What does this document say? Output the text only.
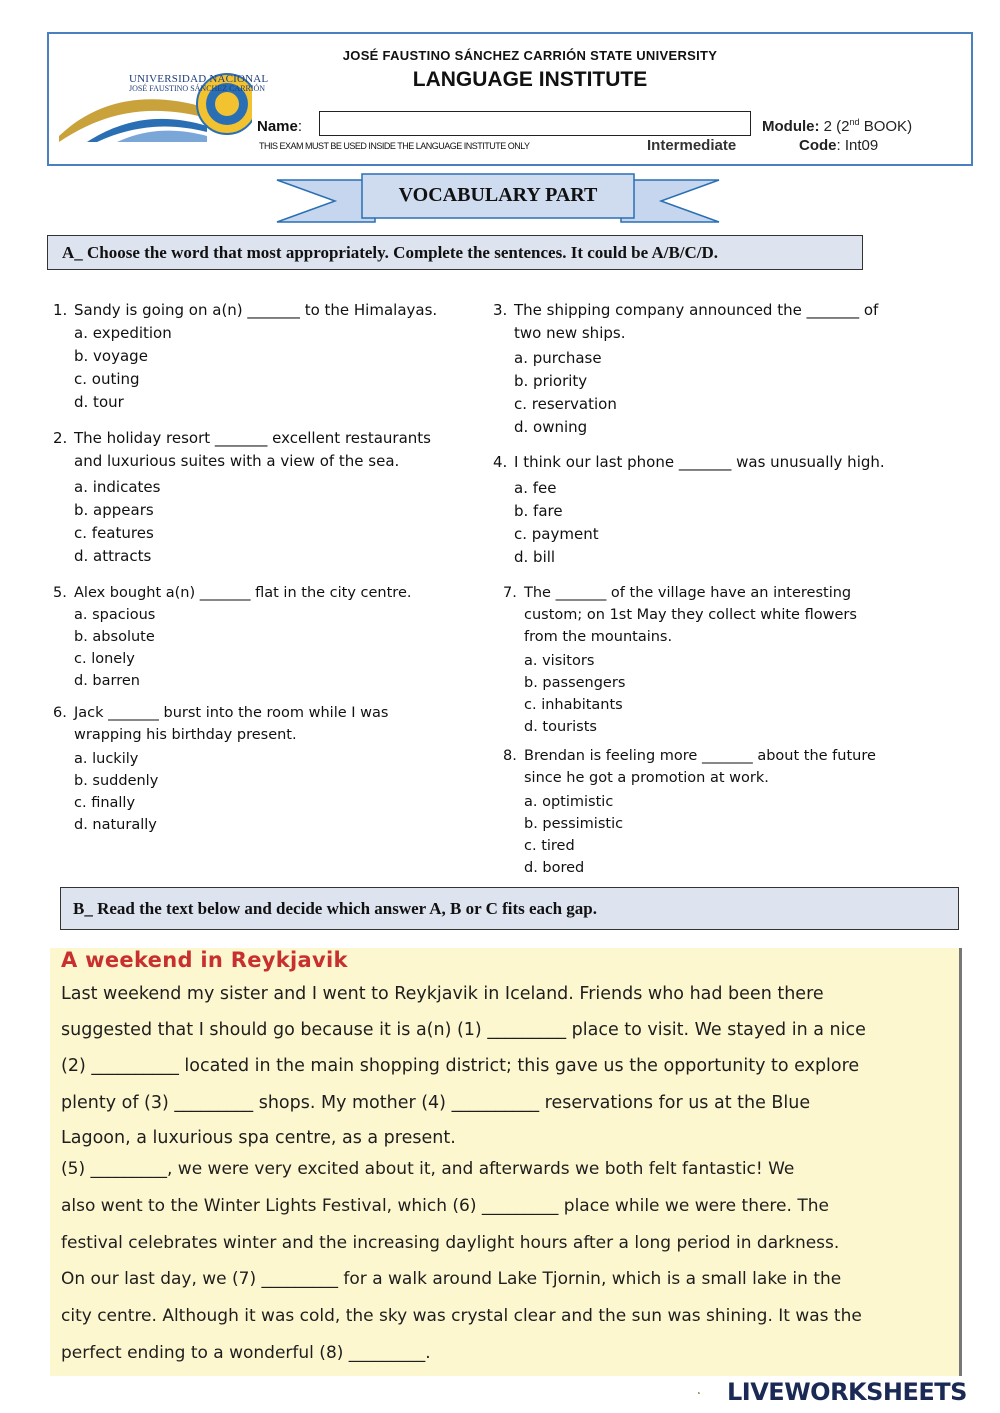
UNIVERSIDAD NACIONAL
JOSÉ FAUSTINO SÁNCHEZ CARRIÓN
JOSÉ FAUSTINO SÁNCHEZ CARRIÓN STATE UNIVERSITY
LANGUAGE INSTITUTE
Name:	Module: 2 (2nd BOOK)
THIS EXAM MUST BE USED INSIDE THE LANGUAGE INSTITUTE ONLY	Intermediate	Code: Int09
VOCABULARY PART
A_ Choose the word that most appropriately. Complete the sentences. It could be A/B/C/D.
1. Sandy is going on a(n) _______ to the Himalayas.
a. expedition
b. voyage
c. outing
d. tour
2. The holiday resort _______ excellent restaurants
and luxurious suites with a view of the sea.
a. indicates
b. appears
c. features
d. attracts
3. The shipping company announced the _______ of
two new ships.
a. purchase
b. priority
c. reservation
d. owning
4. I think our last phone _______ was unusually high.
a. fee
b. fare
c. payment
d. bill
5. Alex bought a(n) _______ flat in the city centre.
a. spacious
b. absolute
c. lonely
d. barren
6. Jack _______ burst into the room while I was
wrapping his birthday present.
a. luckily
b. suddenly
c. finally
d. naturally
7. The _______ of the village have an interesting
custom; on 1st May they collect white flowers
from the mountains.
a. visitors
b. passengers
c. inhabitants
d. tourists
8. Brendan is feeling more _______ about the future
since he got a promotion at work.
a. optimistic
b. pessimistic
c. tired
d. bored
B_ Read the text below and decide which answer A, B or C fits each gap.
A weekend in Reykjavik
Last weekend my sister and I went to Reykjavik in Iceland. Friends who had been there
suggested that I should go because it is a(n) (1) _________ place to visit. We stayed in a nice
(2) __________ located in the main shopping district; this gave us the opportunity to explore
plenty of (3) _________ shops. My mother (4) __________ reservations for us at the Blue
Lagoon, a luxurious spa centre, as a present.
(5) _________, we were very excited about it, and afterwards we both felt fantastic! We
also went to the Winter Lights Festival, which (6) _________ place while we were there. The
festival celebrates winter and the increasing daylight hours after a long period in darkness.
On our last day, we (7) _________ for a walk around Lake Tjornin, which is a small lake in the
city centre. Although it was cold, the sky was crystal clear and the sun was shining. It was the
perfect ending to a wonderful (8) _________.
LIVEWORKSHEETS
